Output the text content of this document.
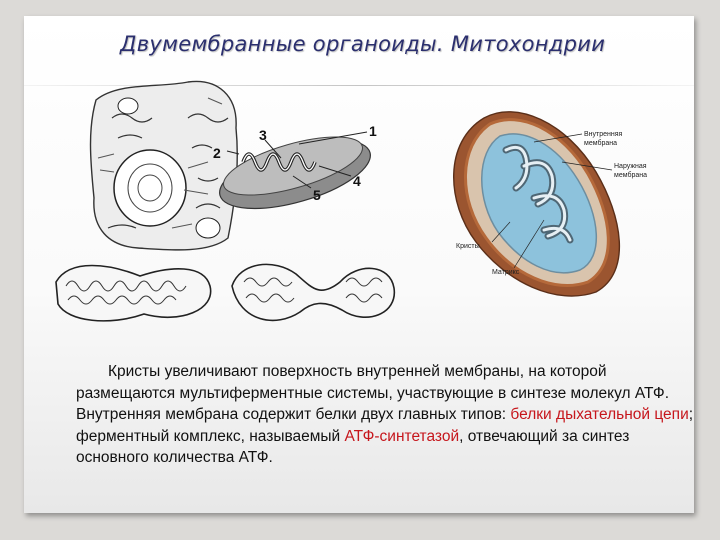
Двумембранные органоиды. Митохондрии
1
2
3
4
5
Внутренняя
мембрана
Наружная
мембрана
Кристы
Матрикс

Кристы увеличивают поверхность внутренней мембраны, на которой размещаются мультиферментные системы, участвующие в синтезе молекул АТФ. Внутренняя мембрана содержит белки двух главных типов: белки дыхательной цепи; ферментный комплекс, называемый АТФ-синтетазой, отвечающий за синтез основного количества АТФ.
